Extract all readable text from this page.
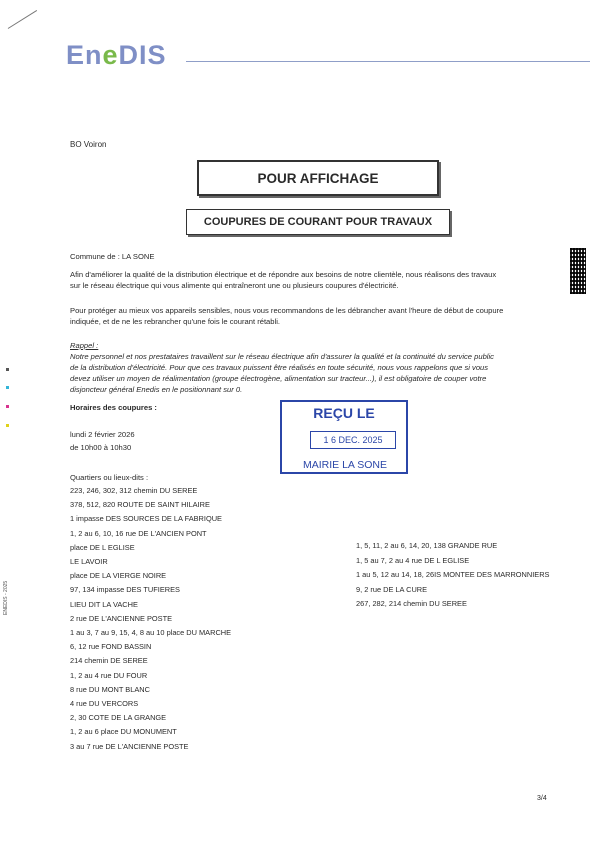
EneDIS
BO Voiron
POUR AFFICHAGE
COUPURES DE COURANT POUR TRAVAUX
Commune de : LA SONE
Afin d'améliorer la qualité de la distribution électrique et de répondre aux besoins de notre clientèle, nous réalisons des travaux
sur le réseau électrique qui vous alimente qui entraîneront une ou plusieurs coupures d'électricité.
Pour protéger au mieux vos appareils sensibles, nous vous recommandons de les débrancher avant l'heure de début de coupure
indiquée, et de ne les rebrancher qu'une fois le courant rétabli.
Rappel :
Notre personnel et nos prestataires travaillent sur le réseau électrique afin d'assurer la qualité et la continuité du service public
de la distribution d'électricité. Pour que ces travaux puissent être réalisés en toute sécurité, nous vous rappelons que si vous
devez utiliser un moyen de réalimentation (groupe électrogène, alimentation sur tracteur...), il est obligatoire de couper votre
disjoncteur général Enedis en le positionnant sur 0.
Horaires des coupures :
lundi 2 février 2026
de 10h00 à 10h30
Quartiers ou lieux-dits :
REÇU LE
1 6 DEC. 2025
MAIRIE LA SONE
223, 246, 302, 312 chemin DU SEREE
378, 512, 820 ROUTE DE SAINT HILAIRE
1 impasse DES SOURCES DE LA FABRIQUE
1, 2 au 6, 10, 16 rue DE L'ANCIEN PONT
place DE L EGLISE
LE LAVOIR
place DE LA VIERGE NOIRE
97, 134 impasse DES TUFIERES
LIEU DIT LA VACHE
2 rue DE L'ANCIENNE POSTE
1 au 3, 7 au 9, 15, 4, 8 au 10 place DU MARCHE
6, 12 rue FOND BASSIN
214 chemin DE SEREE
1, 2 au 4 rue DU FOUR
8 rue DU MONT BLANC
4 rue DU VERCORS
2, 30 COTE DE LA GRANGE
1, 2 au 6 place DU MONUMENT
3 au 7 rue DE L'ANCIENNE POSTE
1, 5, 11, 2 au 6, 14, 20, 138 GRANDE RUE
1, 5 au 7, 2 au 4 rue DE L EGLISE
1 au 5, 12 au 14, 18, 26IS MONTEE DES MARRONNIERS
9, 2 rue DE LA CURE
267, 282, 214 chemin DU SEREE
ENEDIS - 2025
3/4
